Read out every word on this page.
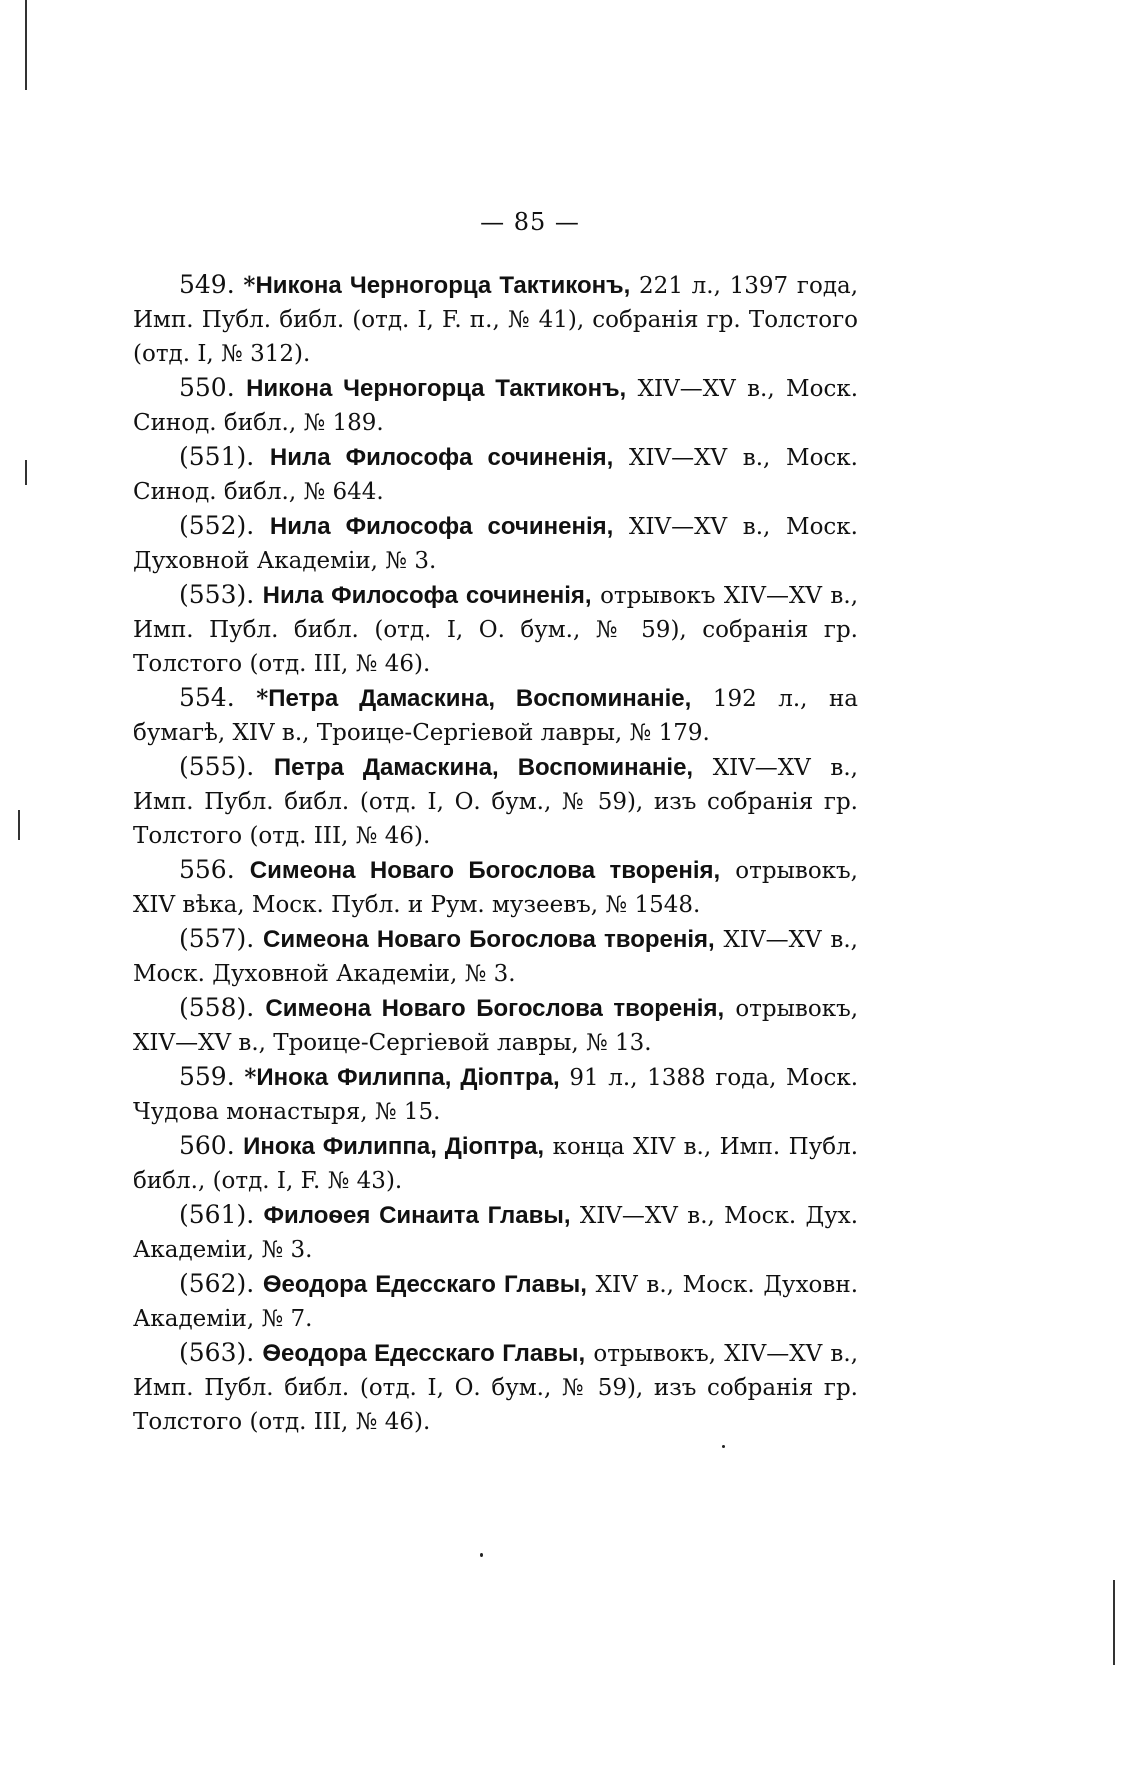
— 85 —

549. *Никона Черногорца Тактиконъ, 221 л., 1397 года, Имп. Публ. библ. (отд. I, F. п., № 41), собранія гр. Толстого (отд. I, № 312).

550. Никона Черногорца Тактиконъ, XIV—XV в., Моск. Синод. библ., № 189.

(551). Нила Философа сочиненія, XIV—XV в., Моск. Синод. библ., № 644.

(552). Нила Философа сочиненія, XIV—XV в., Моск. Духовной Академіи, № 3.

(553). Нила Философа сочиненія, отрывокъ XIV—XV в., Имп. Публ. библ. (отд. I, О. бум., № 59), собранія гр. Толстого (отд. III, № 46).

554. *Петра Дамаскина, Воспоминаніе, 192 л., на бумагѣ, XIV в., Троице-Сергіевой лавры, № 179.

(555). Петра Дамаскина, Воспоминаніе, XIV—XV в., Имп. Публ. библ. (отд. I, О. бум., № 59), изъ собранія гр. Толстого (отд. III, № 46).

556. Симеона Новаго Богослова творенія, отрывокъ, XIV вѣка, Моск. Публ. и Рум. музеевъ, № 1548.

(557). Симеона Новаго Богослова творенія, XIV—XV в., Моск. Духовной Академіи, № 3.

(558). Симеона Новаго Богослова творенія, отрывокъ, XIV—XV в., Троице-Сергіевой лавры, № 13.

559. *Инока Филиппа, Діоптра, 91 л., 1388 года, Моск. Чудова монастыря, № 15.

560. Инока Филиппа, Діоптра, конца XIV в., Имп. Публ. библ., (отд. I, F. № 43).

(561). Филоѳея Синаита Главы, XIV—XV в., Моск. Дух. Академіи, № 3.

(562). Ѳеодора Едесскаго Главы, XIV в., Моск. Духовн. Академіи, № 7.

(563). Ѳеодора Едесскаго Главы, отрывокъ, XIV—XV в., Имп. Публ. библ. (отд. I, О. бум., № 59), изъ собранія гр. Толстого (отд. III, № 46).
